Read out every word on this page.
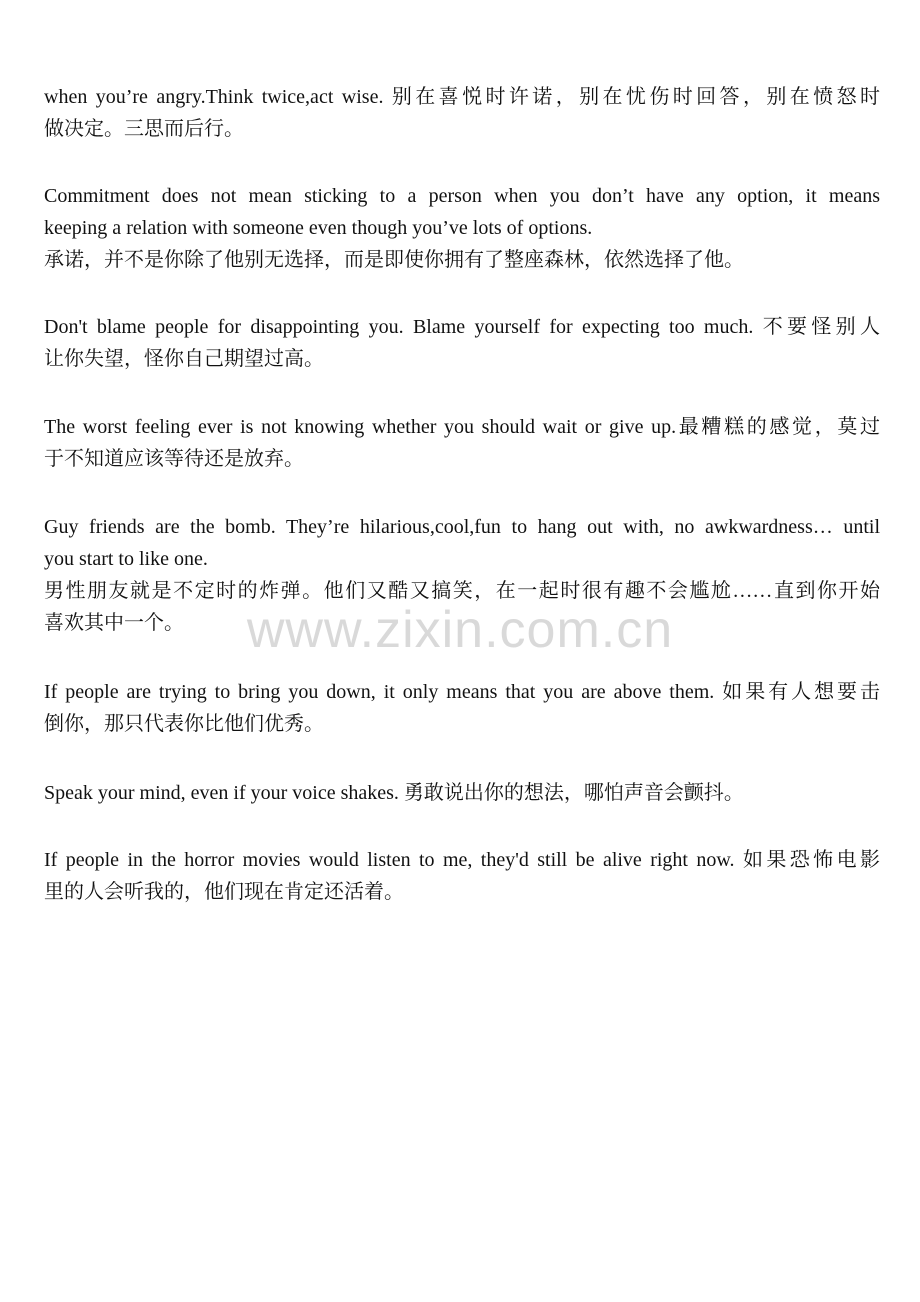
when you’re angry.Think twice,act wise. 别在喜悦时许诺，别在忧伤时回答，别在愤怒时
做决定。三思而后行。

Commitment does not mean sticking to a person when you don’t have any option, it means
keeping a relation with someone even though you’ve lots of options.
承诺，并不是你除了他别无选择，而是即使你拥有了整座森林，依然选择了他。

Don't blame people for disappointing you. Blame yourself for expecting too much. 不要怪别人
让你失望，怪你自己期望过高。

The worst feeling ever is not knowing whether you should wait or give up.最糟糕的感觉，莫过
于不知道应该等待还是放弃。

Guy friends are the bomb. They’re hilarious,cool,fun to hang out with, no awkwardness… until
you start to like one.
男性朋友就是不定时的炸弹。他们又酷又搞笑，在一起时很有趣不会尴尬……直到你开始
喜欢其中一个。

If people are trying to bring you down, it only means that you are above them. 如果有人想要击
倒你，那只代表你比他们优秀。

Speak your mind, even if your voice shakes. 勇敢说出你的想法，哪怕声音会颤抖。

If people in the horror movies would listen to me, they'd still be alive right now. 如果恐怖电影
里的人会听我的，他们现在肯定还活着。

www.zixin.com.cn
